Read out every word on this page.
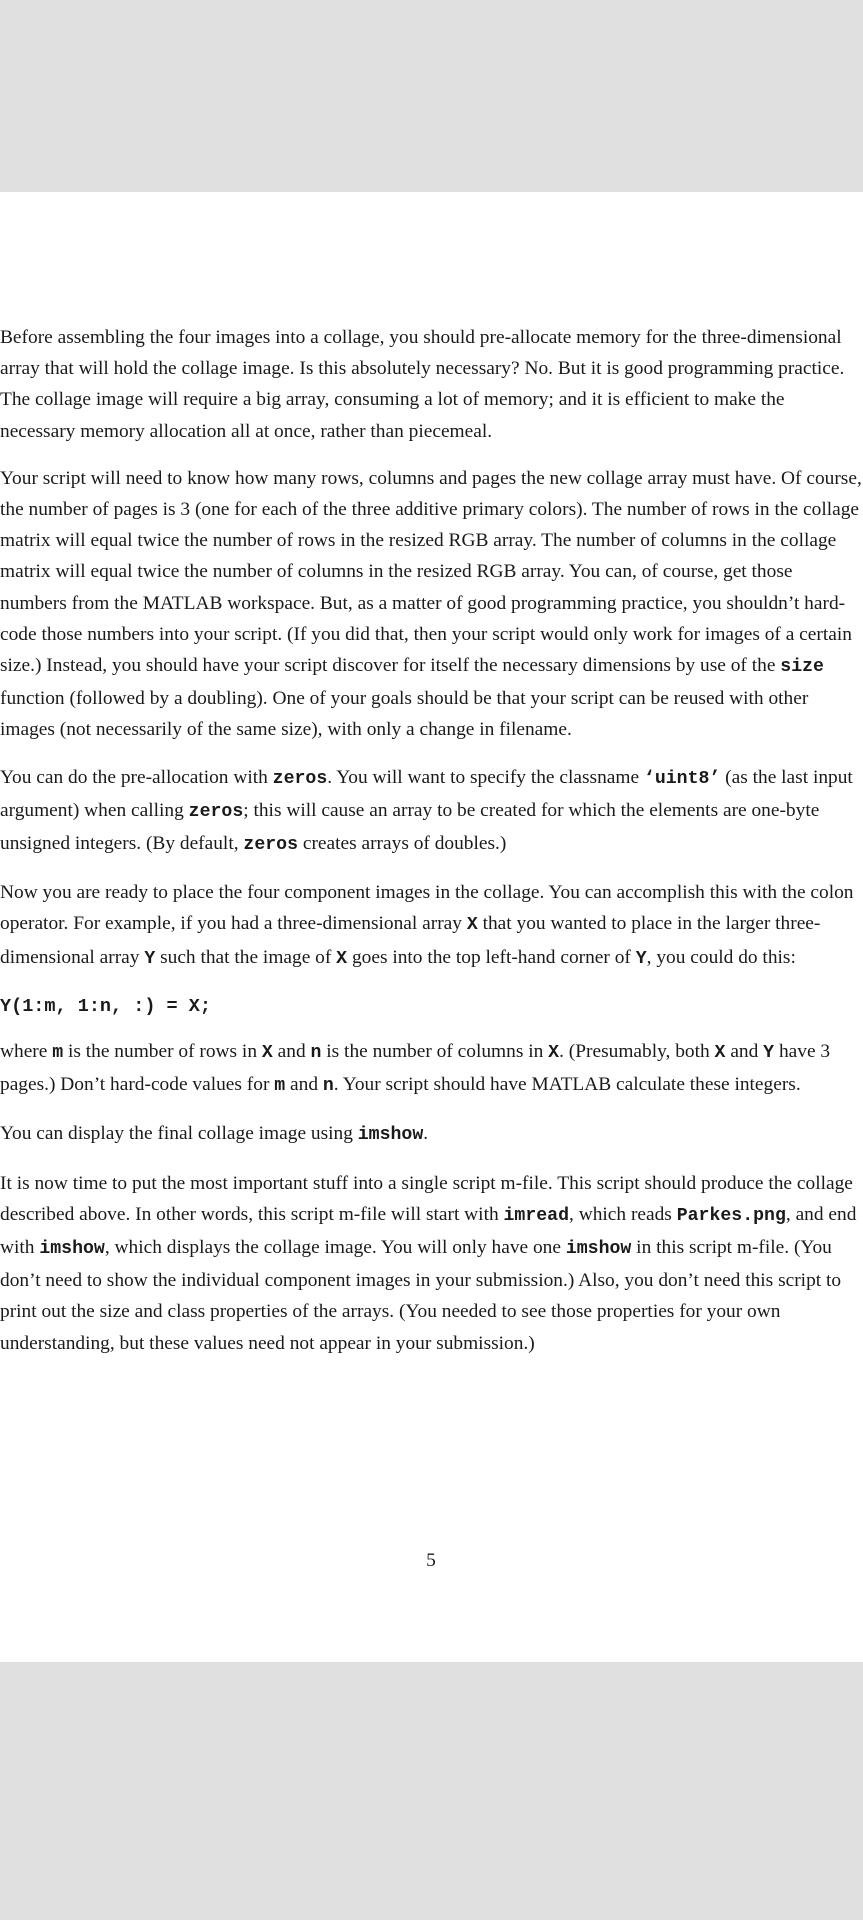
Before assembling the four images into a collage, you should pre-allocate memory for the three-dimensional array that will hold the collage image. Is this absolutely necessary? No. But it is good programming practice. The collage image will require a big array, consuming a lot of memory; and it is efficient to make the necessary memory allocation all at once, rather than piecemeal.

Your script will need to know how many rows, columns and pages the new collage array must have. Of course, the number of pages is 3 (one for each of the three additive primary colors). The number of rows in the collage matrix will equal twice the number of rows in the resized RGB array. The number of columns in the collage matrix will equal twice the number of columns in the resized RGB array. You can, of course, get those numbers from the MATLAB workspace. But, as a matter of good programming practice, you shouldn’t hard-code those numbers into your script. (If you did that, then your script would only work for images of a certain size.) Instead, you should have your script discover for itself the necessary dimensions by use of the size function (followed by a doubling). One of your goals should be that your script can be reused with other images (not necessarily of the same size), with only a change in filename.

You can do the pre-allocation with zeros. You will want to specify the classname ‘uint8’ (as the last input argument) when calling zeros; this will cause an array to be created for which the elements are one-byte unsigned integers. (By default, zeros creates arrays of doubles.)

Now you are ready to place the four component images in the collage. You can accomplish this with the colon operator. For example, if you had a three-dimensional array X that you wanted to place in the larger three-dimensional array Y such that the image of X goes into the top left-hand corner of Y, you could do this:

Y(1:m, 1:n, :) = X;

where m is the number of rows in X and n is the number of columns in X. (Presumably, both X and Y have 3 pages.) Don’t hard-code values for m and n. Your script should have MATLAB calculate these integers.

You can display the final collage image using imshow.

It is now time to put the most important stuff into a single script m-file. This script should produce the collage described above. In other words, this script m-file will start with imread, which reads Parkes.png, and end with imshow, which displays the collage image. You will only have one imshow in this script m-file. (You don’t need to show the individual component images in your submission.) Also, you don’t need this script to print out the size and class properties of the arrays. (You needed to see those properties for your own understanding, but these values need not appear in your submission.)

5
